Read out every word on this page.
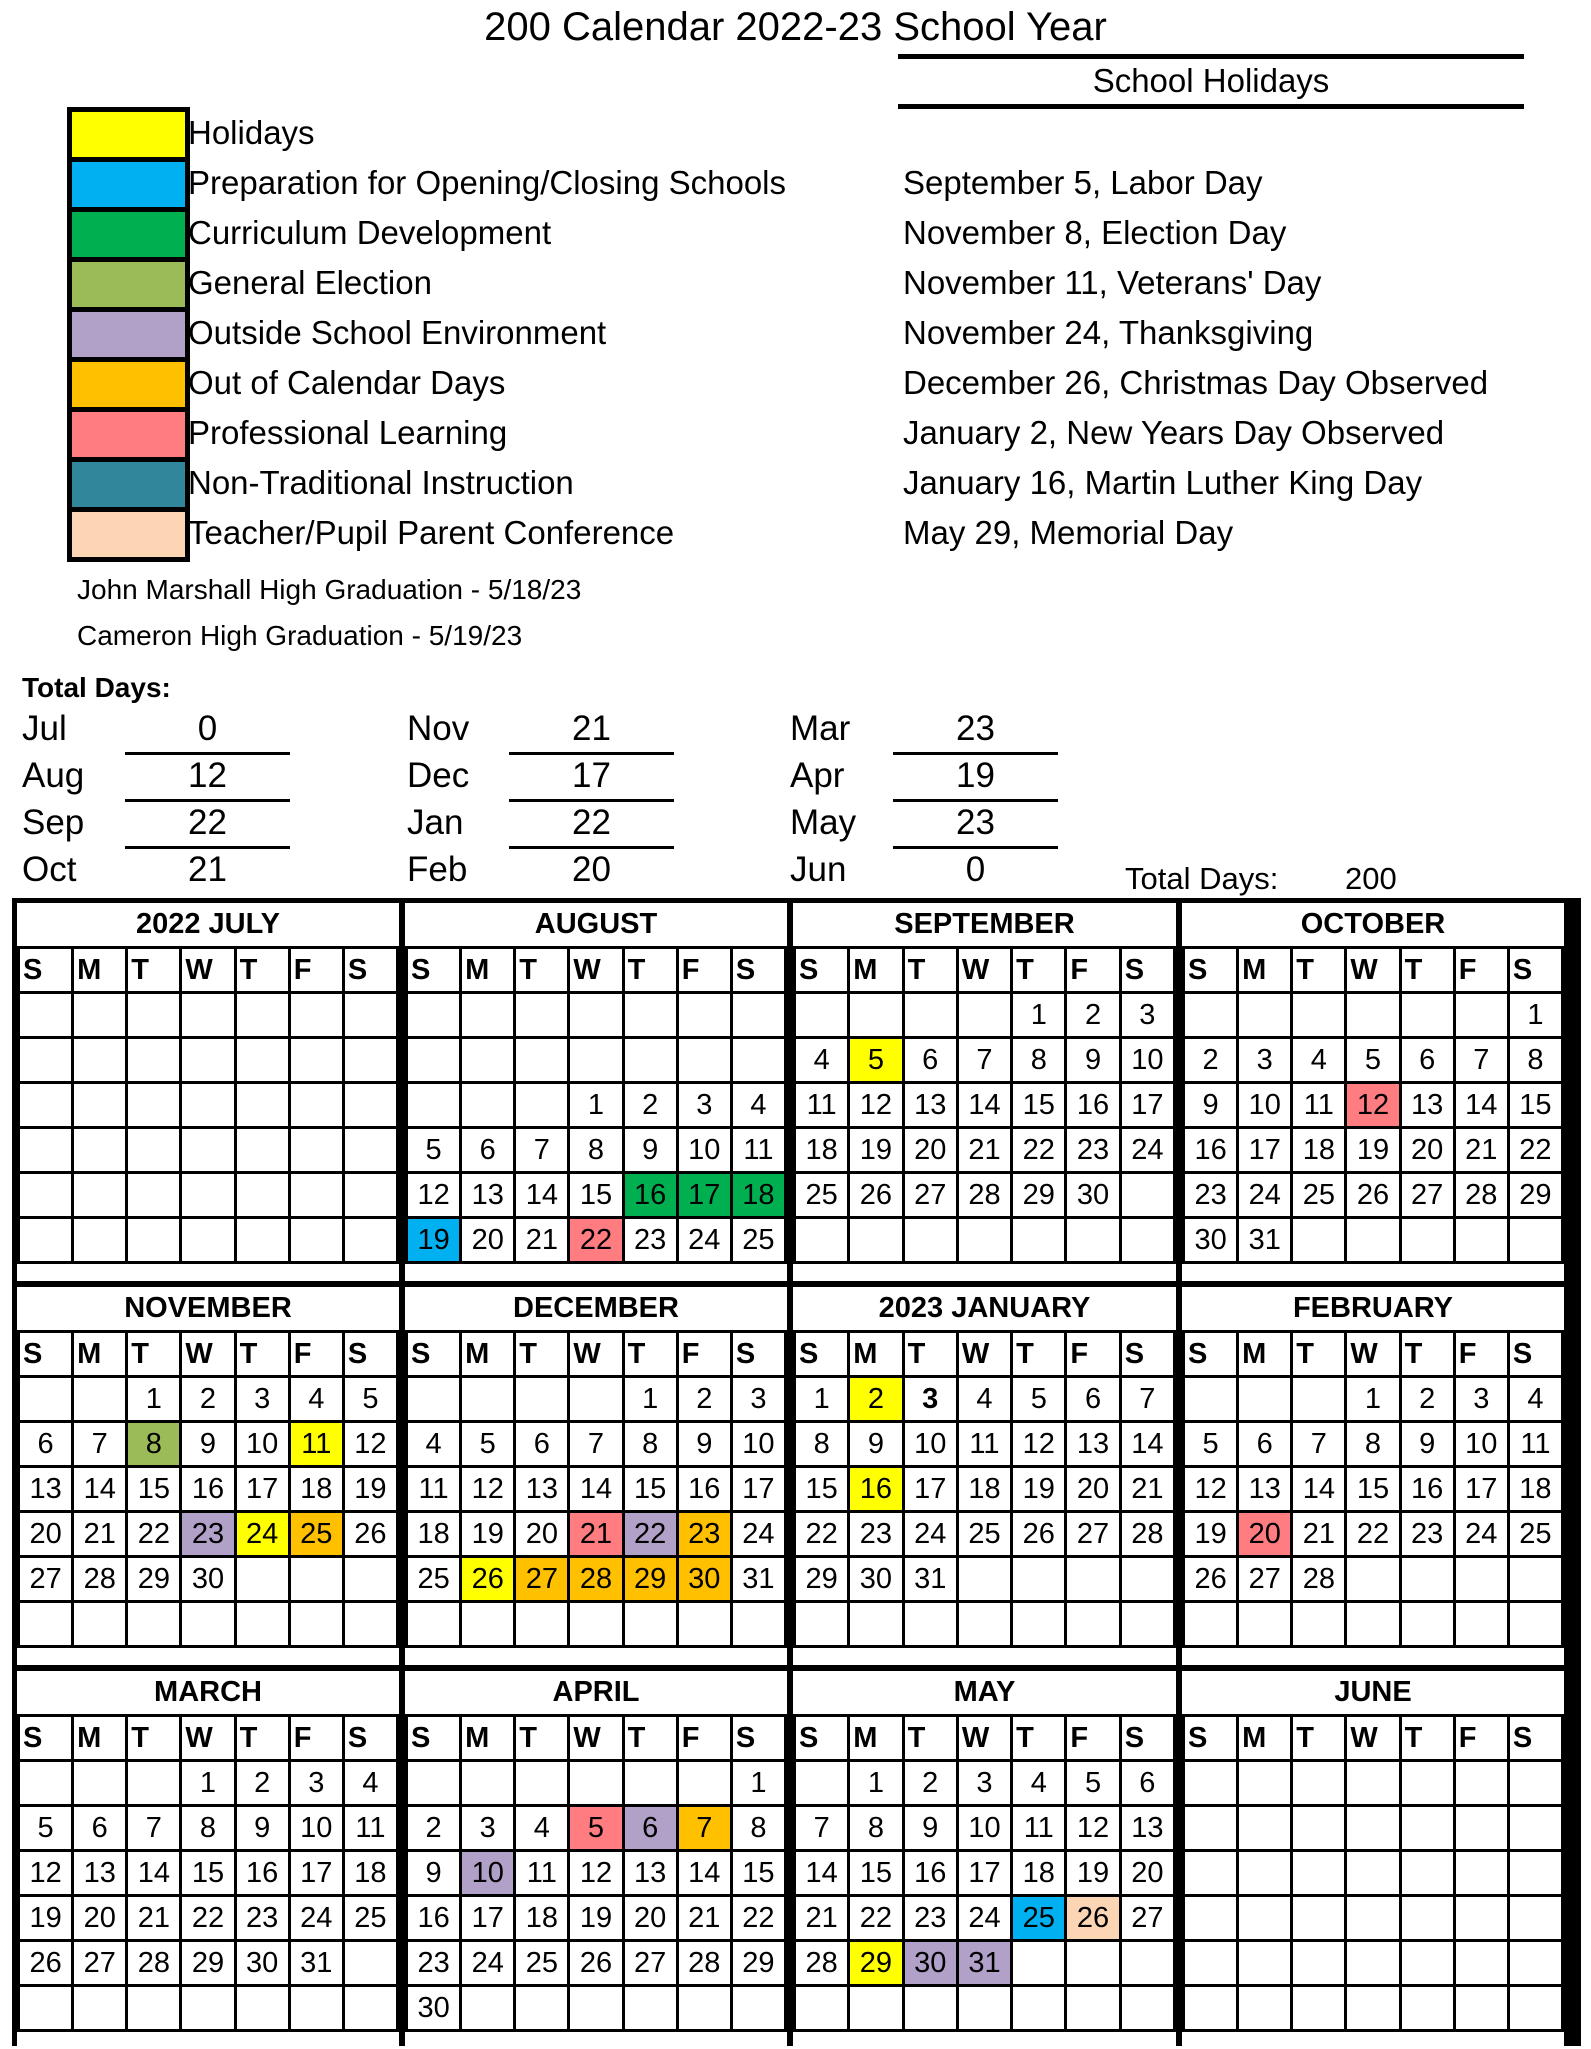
200 Calendar 2022-23 School Year
School Holidays
Holidays
Preparation for Opening/Closing Schools
Curriculum Development
General Election
Outside School Environment
Out of Calendar Days
Professional Learning
Non-Traditional Instruction
Teacher/Pupil Parent Conference
September 5, Labor Day
November 8, Election Day
November 11, Veterans' Day
November 24, Thanksgiving
December 26, Christmas Day Observed
January 2, New Years Day Observed
January 16, Martin Luther King Day
May 29, Memorial Day
John Marshall High Graduation - 5/18/23
Cameron High Graduation - 5/19/23
Total Days:
Jul	0
Aug	12
Sep	22
Oct	21
Nov	21
Dec	17
Jan	22
Feb	20
Mar	23
Apr	19
May	23
Jun	0	Total Days: 200
2022 JULY
S	M	T	W	T	F	S

AUGUST
S	M	T	W	T	F	S

			1	2	3	4
5	6	7	8	9	10	11
12	13	14	15	16	17	18
19	20	21	22	23	24	25
SEPTEMBER
S	M	T	W	T	F	S
				1	2	3
4	5	6	7	8	9	10
11	12	13	14	15	16	17
18	19	20	21	22	23	24
25	26	27	28	29	30	

OCTOBER
S	M	T	W	T	F	S
						1
2	3	4	5	6	7	8
9	10	11	12	13	14	15
16	17	18	19	20	21	22
23	24	25	26	27	28	29
30	31					
NOVEMBER
S	M	T	W	T	F	S
		1	2	3	4	5
6	7	8	9	10	11	12
13	14	15	16	17	18	19
20	21	22	23	24	25	26
27	28	29	30			

DECEMBER
S	M	T	W	T	F	S
				1	2	3
4	5	6	7	8	9	10
11	12	13	14	15	16	17
18	19	20	21	22	23	24
25	26	27	28	29	30	31

2023 JANUARY
S	M	T	W	T	F	S
1	2	3	4	5	6	7
8	9	10	11	12	13	14
15	16	17	18	19	20	21
22	23	24	25	26	27	28
29	30	31				

FEBRUARY
S	M	T	W	T	F	S
			1	2	3	4
5	6	7	8	9	10	11
12	13	14	15	16	17	18
19	20	21	22	23	24	25
26	27	28				

MARCH
S	M	T	W	T	F	S
			1	2	3	4
5	6	7	8	9	10	11
12	13	14	15	16	17	18
19	20	21	22	23	24	25
26	27	28	29	30	31	

APRIL
S	M	T	W	T	F	S
						1
2	3	4	5	6	7	8
9	10	11	12	13	14	15
16	17	18	19	20	21	22
23	24	25	26	27	28	29
30						
MAY
S	M	T	W	T	F	S
	1	2	3	4	5	6
7	8	9	10	11	12	13
14	15	16	17	18	19	20
21	22	23	24	25	26	27
28	29	30	31			

JUNE
S	M	T	W	T	F	S
